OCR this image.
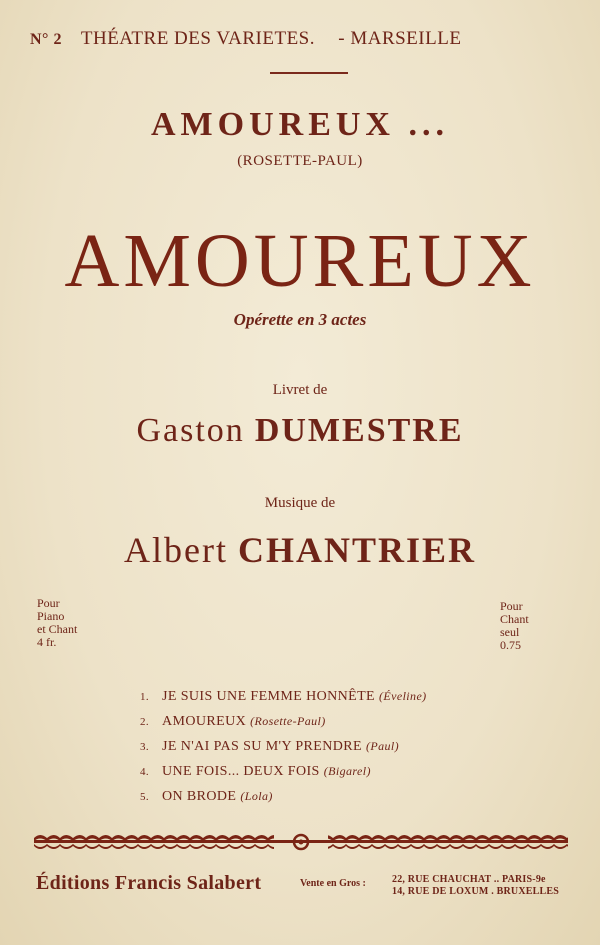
N° 2 THÉATRE DES VARIETES. - MARSEILLE
AMOUREUX ...
(ROSETTE-PAUL)
AMOUREUX
Opérette en 3 actes
Livret de
Gaston DUMESTRE
Musique de
Albert CHANTRIER
Pour
Piano
et Chant
4 fr.
Pour
Chant
seul
0.75
1. JE SUIS UNE FEMME HONNÊTE (Éveline)
2. AMOUREUX (Rosette-Paul)
3. JE N'AI PAS SU M'Y PRENDRE (Paul)
4. UNE FOIS... DEUX FOIS (Bigarel)
5. ON BRODE (Lola)
Éditions Francis Salabert	Vente en Gros :	22, RUE CHAUCHAT .. PARIS-9e
14, RUE DE LOXUM . BRUXELLES
